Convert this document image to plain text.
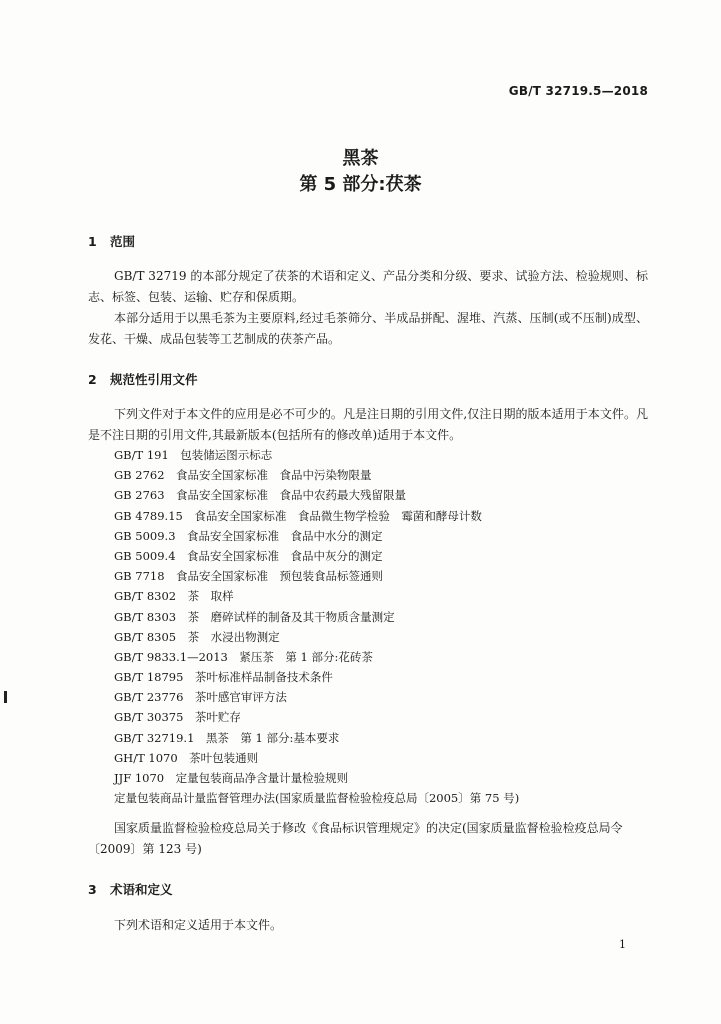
GB/T 32719.5—2018
黑茶
第 5 部分:茯茶
1 范围
GB/T 32719 的本部分规定了茯茶的术语和定义、产品分类和分级、要求、试验方法、检验规则、标志、标签、包装、运输、贮存和保质期。
本部分适用于以黑毛茶为主要原料,经过毛茶筛分、半成品拼配、渥堆、汽蒸、压制(或不压制)成型、发花、干燥、成品包装等工艺制成的茯茶产品。
2 规范性引用文件
下列文件对于本文件的应用是必不可少的。凡是注日期的引用文件,仅注日期的版本适用于本文件。凡是不注日期的引用文件,其最新版本(包括所有的修改单)适用于本文件。
GB/T 191　包装储运图示标志
GB 2762　食品安全国家标准　食品中污染物限量
GB 2763　食品安全国家标准　食品中农药最大残留限量
GB 4789.15　食品安全国家标准　食品微生物学检验　霉菌和酵母计数
GB 5009.3　食品安全国家标准　食品中水分的测定
GB 5009.4　食品安全国家标准　食品中灰分的测定
GB 7718　食品安全国家标准　预包装食品标签通则
GB/T 8302　茶　取样
GB/T 8303　茶　磨碎试样的制备及其干物质含量测定
GB/T 8305　茶　水浸出物测定
GB/T 9833.1—2013　紧压茶　第 1 部分:花砖茶
GB/T 18795　茶叶标准样品制备技术条件
GB/T 23776　茶叶感官审评方法
GB/T 30375　茶叶贮存
GB/T 32719.1　黑茶　第 1 部分:基本要求
GH/T 1070　茶叶包装通则
JJF 1070　定量包装商品净含量计量检验规则
定量包装商品计量监督管理办法(国家质量监督检验检疫总局〔2005〕第 75 号)
国家质量监督检验检疫总局关于修改《食品标识管理规定》的决定(国家质量监督检验检疫总局令〔2009〕第 123 号)
3 术语和定义
下列术语和定义适用于本文件。
1
